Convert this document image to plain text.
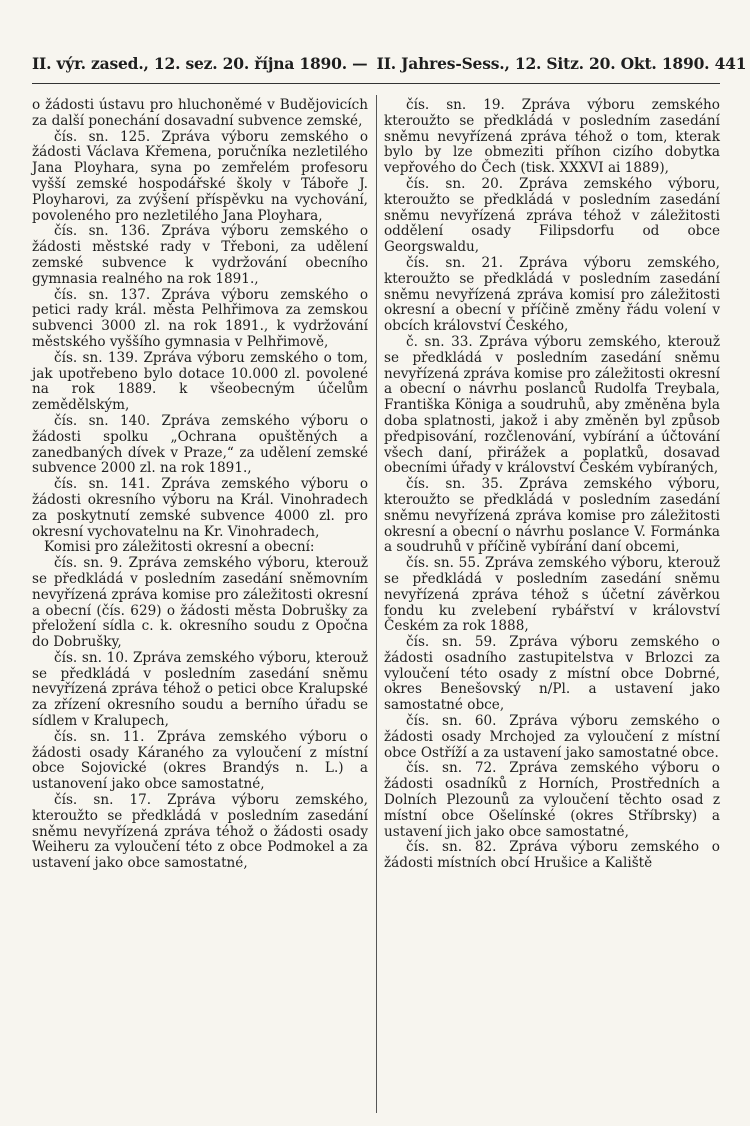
II. výr. zased., 12. sez. 20. října 1890. — II. Jahres-Sess., 12. Sitz. 20. Okt. 1890. 441

o žádosti ústavu pro hluchoněmé v Budějovicích za další ponechání dosavadní subvence zemské,

čís. sn. 125. Zpráva výboru zemského o žádosti Václava Křemena, poručníka nezletilého Jana Ployhara, syna po zemřelém profesoru vyšší zemské hospodářské školy v Táboře J. Ployharovi, za zvýšení příspěvku na vychování, povoleného pro nezletilého Jana Ployhara,

čís. sn. 136. Zpráva výboru zemského o žádosti městské rady v Třeboni, za udělení zemské subvence k vydržování obecního gymnasia realného na rok 1891.,

čís. sn. 137. Zpráva výboru zemského o petici rady král. města Pelhřimova za zemskou subvenci 3000 zl. na rok 1891., k vydržování městského vyššího gymnasia v Pelhřimově,

čís. sn. 139. Zpráva výboru zemského o tom, jak upotřebeno bylo dotace 10.000 zl. povolené na rok 1889. k všeobecným účelům zemědělským,

čís. sn. 140. Zpráva zemského výboru o žádosti spolku „Ochrana opuštěných a zanedbaných dívek v Praze,“ za udělení zemské subvence 2000 zl. na rok 1891.,

čís. sn. 141. Zpráva zemského výboru o žádosti okresního výboru na Král. Vinohradech za poskytnutí zemské subvence 4000 zl. pro okresní vychovatelnu na Kr. Vinohradech,

Komisi pro záležitosti okresní a obecní:

čís. sn. 9. Zpráva zemského výboru, kterouž se předkládá v posledním zasedání sněmovním nevyřízená zpráva komise pro záležitosti okresní a obecní (čís. 629) o žádosti města Dobrušky za přeložení sídla c. k. okresního soudu z Opočna do Dobrušky,

čís. sn. 10. Zpráva zemského výboru, kterouž se předkládá v posledním zasedání sněmu nevyřízená zpráva téhož o petici obce Kralupské za zřízení okresního soudu a berního úřadu se sídlem v Kralupech,

čís. sn. 11. Zpráva zemského výboru o žádosti osady Káraného za vyloučení z místní obce Sojovické (okres Brandýs n. L.) a ustanovení jako obce samostatné,

čís. sn. 17. Zpráva výboru zemského, kteroužto se předkládá v posledním zasedání sněmu nevyřízená zpráva téhož o žádosti osady Weiheru za vyloučení této z obce Podmokel a za ustavení jako obce samostatné,

čís. sn. 19. Zpráva výboru zemského kteroužto se předkládá v posledním zasedání sněmu nevyřízená zpráva téhož o tom, kterak bylo by lze obmeziti příhon cizího dobytka vepřového do Čech (tisk. XXXVI ai 1889),

čís. sn. 20. Zpráva zemského výboru, kteroužto se předkládá v posledním zasedání sněmu nevyřízená zpráva téhož v záležitosti oddělení osady Filipsdorfu od obce Georgswaldu,

čís. sn. 21. Zpráva výboru zemského, kteroužto se předkládá v posledním zasedání sněmu nevyřízená zpráva komisí pro záležitosti okresní a obecní v příčině změny řádu volení v obcích království Českého,

č. sn. 33. Zpráva výboru zemského, kterouž se předkládá v posledním zasedání sněmu nevyřízená zpráva komise pro záležitosti okresní a obecní o návrhu poslanců Rudolfa Treybala, Františka Königa a soudruhů, aby změněna byla doba splatnosti, jakož i aby změněn byl způsob předpisování, rozčlenování, vybírání a účtování všech daní, přirážek a poplatků, dosavad obecními úřady v království Českém vybíraných,

čís. sn. 35. Zpráva zemského výboru, kteroužto se předkládá v posledním zasedání sněmu nevyřízená zpráva komise pro záležitosti okresní a obecní o návrhu poslance V. Formánka a soudruhů v příčině vybírání daní obcemi,

čís. sn. 55. Zpráva zemského výboru, kterouž se předkládá v posledním zasedání sněmu nevyřízená zpráva téhož s účetní závěrkou fondu ku zvelebení rybářství v království Českém za rok 1888,

čís. sn. 59. Zpráva výboru zemského o žádosti osadního zastupitelstva v Brlozci za vyloučení této osady z místní obce Dobrné, okres Benešovský n/Pl. a ustavení jako samostatné obce,

čís. sn. 60. Zpráva výboru zemského o žádosti osady Mrchojed za vyloučení z místní obce Ostříží a za ustavení jako samostatné obce.

čís. sn. 72. Zpráva zemského výboru o žádosti osadníků z Horních, Prostředních a Dolních Plezounů za vyloučení těchto osad z místní obce Ošelínské (okres Stříbrsky) a ustavení jich jako obce samostatné,

čís. sn. 82. Zpráva výboru zemského o žádosti místních obcí Hrušice a Kaliště
